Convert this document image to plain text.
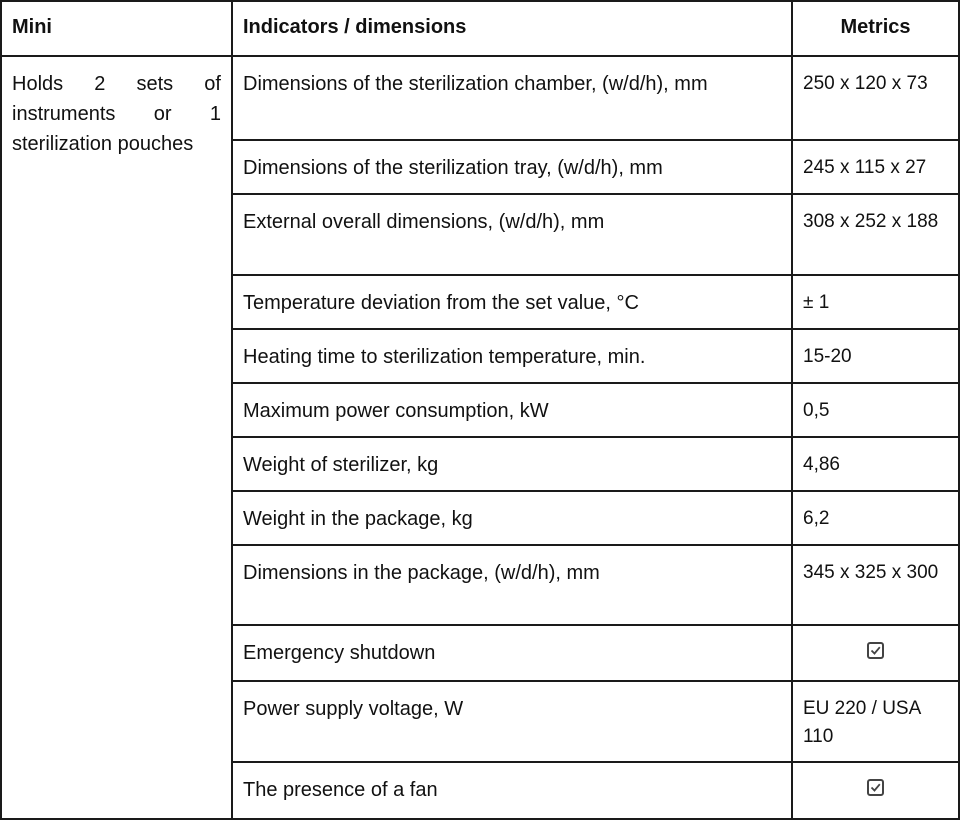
Mini	Indicators / dimensions	Metrics

Holds 2 sets of instruments or 1 sterilization pouches	Dimensions of the sterilization chamber, (w/d/h), mm	250 x 120 x 73

	Dimensions of the sterilization tray, (w/d/h), mm	245 x 115 x 27

	External overall dimensions, (w/d/h), mm	308 x 252 x 188

	Temperature deviation from the set value, °C	± 1

	Heating time to sterilization temperature, min.	15-20

	Maximum power consumption, kW	0,5

	Weight of sterilizer, kg	4,86

	Weight in the package, kg	6,2

	Dimensions in the package, (w/d/h), mm	345 x 325 x 300

	Emergency shutdown

	Power supply voltage, W	EU 220 / USA 110

	The presence of a fan
